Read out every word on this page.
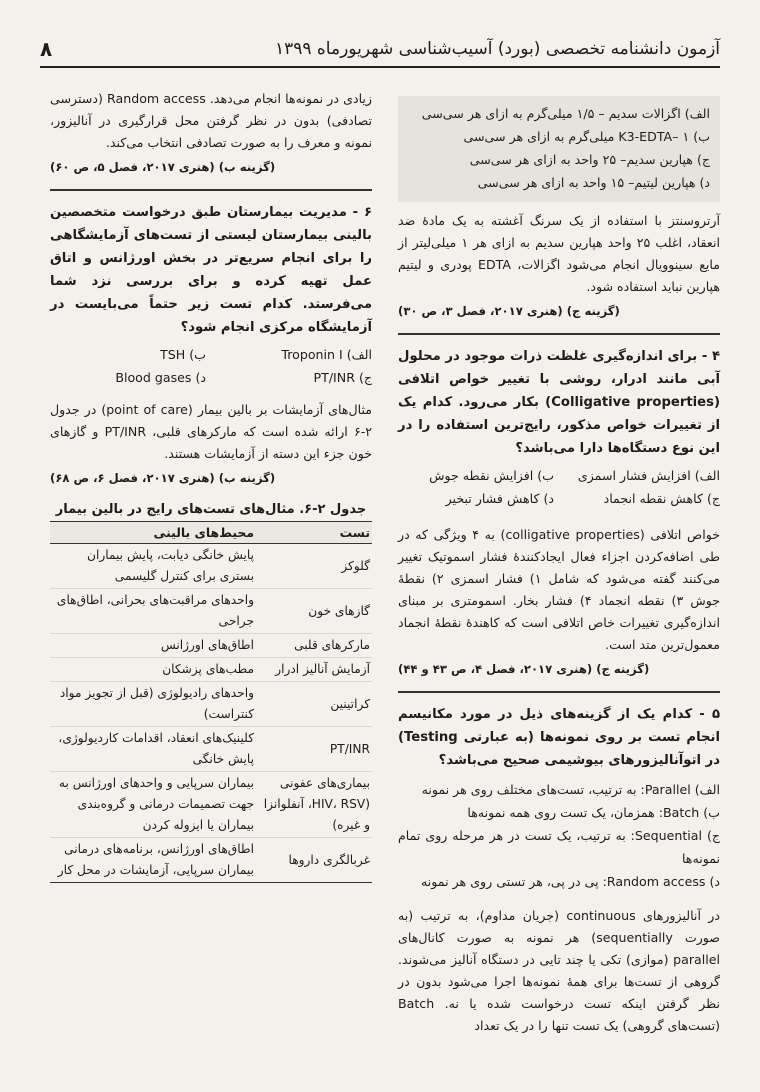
آزمون دانشنامه تخصصی (بورد) آسیب‌شناسی شهریورماه ۱۳۹۹
۸
الف) اگزالات سدیم – ۱/۵ میلی‌گرم به ازای هر سی‌سی
ب) K3-EDTA– ۱ میلی‌گرم به ازای هر سی‌سی
ج) هپارین سدیم– ۲۵ واحد به ازای هر سی‌سی
د) هپارین لیتیم– ۱۵ واحد به ازای هر سی‌سی

آرتروسنتز با استفاده از یک سرنگ آغشته به یک مادهٔ ضد انعقاد، اغلب ۲۵ واحد هپارین سدیم به ازای هر ۱ میلی‌لیتر از مایع سینوویال انجام می‌شود اگزالات، EDTA پودری و لیتیم هپارین نباید استفاده شود.

(گزینه ج) (هنری ۲۰۱۷، فصل ۳، ص ۳۰)
۴ - برای اندازه‌گیری غلظت ذرات موجود در محلول آبی مانند ادرار، روشی با تغییر خواص اتلافی (Colligative properties) بکار می‌رود. کدام یک از تغییرات خواص مذکور، رایج‌ترین استفاده را در این نوع دستگاه‌ها دارا می‌باشد؟
الف) افزایش فشار اسمزی
ب) افزایش نقطه جوش
ج) کاهش نقطه انجماد
د) کاهش فشار تبخیر

خواص اتلافی (colligative properties) به ۴ ویژگی که در طی اضافه‌کردن اجزاء فعال ایجادکنندهٔ فشار اسموتیک تغییر می‌کنند گفته می‌شود که شامل ۱) فشار اسمزی ۲) نقطهٔ جوش ۳) نقطه انجماد ۴) فشار بخار. اسمومتری بر مبنای اندازه‌گیری تغییرات خاص اتلافی است که کاهندهٔ نقطهٔ انجماد معمول‌ترین متد است.

(گزینه ج) (هنری ۲۰۱۷، فصل ۴، ص ۴۳ و ۴۴)
۵ - کدام یک از گزینه‌های ذیل در مورد مکانیسم انجام تست بر روی نمونه‌ها (به عبارتی Testing) در اتوآنالیزورهای بیوشیمی صحیح می‌باشد؟
الف) Parallel: به ترتیب، تست‌های مختلف روی هر نمونه
ب) Batch: همزمان، یک تست روی همه نمونه‌ها
ج) Sequential: به ترتیب، یک تست در هر مرحله روی تمام نمونه‌ها
د) Random access: پی در پی، هر تستی روی هر نمونه

در آنالیزورهای continuous (جریان مداوم)، به ترتیب (به صورت sequentially) هر نمونه به صورت کانال‌های parallel (موازی) تکی یا چند تایی در دستگاه آنالیز می‌شوند. گروهی از تست‌ها برای همهٔ نمونه‌ها اجرا می‌شود بدون در نظر گرفتن اینکه تست درخواست شده یا نه. Batch (تست‌های گروهی) یک تست تنها را در یک تعداد

زیادی در نمونه‌ها انجام می‌دهد. Random access (دسترسی تصادفی) بدون در نظر گرفتن محل قرارگیری در آنالیزور، نمونه و معرف را به صورت تصادفی انتخاب می‌کند.

(گزینه ب) (هنری ۲۰۱۷، فصل ۵، ص ۶۰)
۶ - مدیریت بیمارستان طبق درخواست متخصصین بالینی بیمارستان لیستی از تست‌های آزمایشگاهی را برای انجام سریع‌تر در بخش اورژانس و اتاق عمل تهیه کرده و برای بررسی نزد شما می‌فرستد. کدام تست زیر حتماً می‌بایست در آزمایشگاه مرکزی انجام شود؟
الف) Troponin I
ب) TSH
ج) PT/INR
د) Blood gases

مثال‌های آزمایشات بر بالین بیمار (point of care) در جدول ۲-۶ ارائه شده است که مارکرهای قلبی، PT/INR و گازهای خون جزء این دسته از آزمایشات هستند.

(گزینه ب) (هنری ۲۰۱۷، فصل ۶، ص ۶۸)
جدول ۲-۶. مثال‌های تست‌های رایج در بالین بیمار
تست	محیط‌های بالینی
گلوکز	پایش خانگی دیابت، پایش بیماران بستری برای کنترل گلیسمی
گازهای خون	واحدهای مراقبت‌های بحرانی، اطاق‌های جراحی
مارکرهای قلبی	اطاق‌های اورژانس
آزمایش آنالیز ادرار	مطب‌های پزشکان
کراتینین	واحدهای رادیولوژی (قبل از تجویز مواد کنتراست)
PT/INR	کلینیک‌های انعقاد، اقدامات کاردیولوژی، پایش خانگی
بیماری‌های عفونی (HIV، RSV، آنفلوانزا و غیره)	بیماران سرپایی و واحدهای اورژانس به جهت تصمیمات درمانی و گروه‌بندی بیماران یا ایزوله کردن
غربالگری داروها	اطاق‌های اورژانس، برنامه‌های درمانی بیماران سرپایی، آزمایشات در محل کار
